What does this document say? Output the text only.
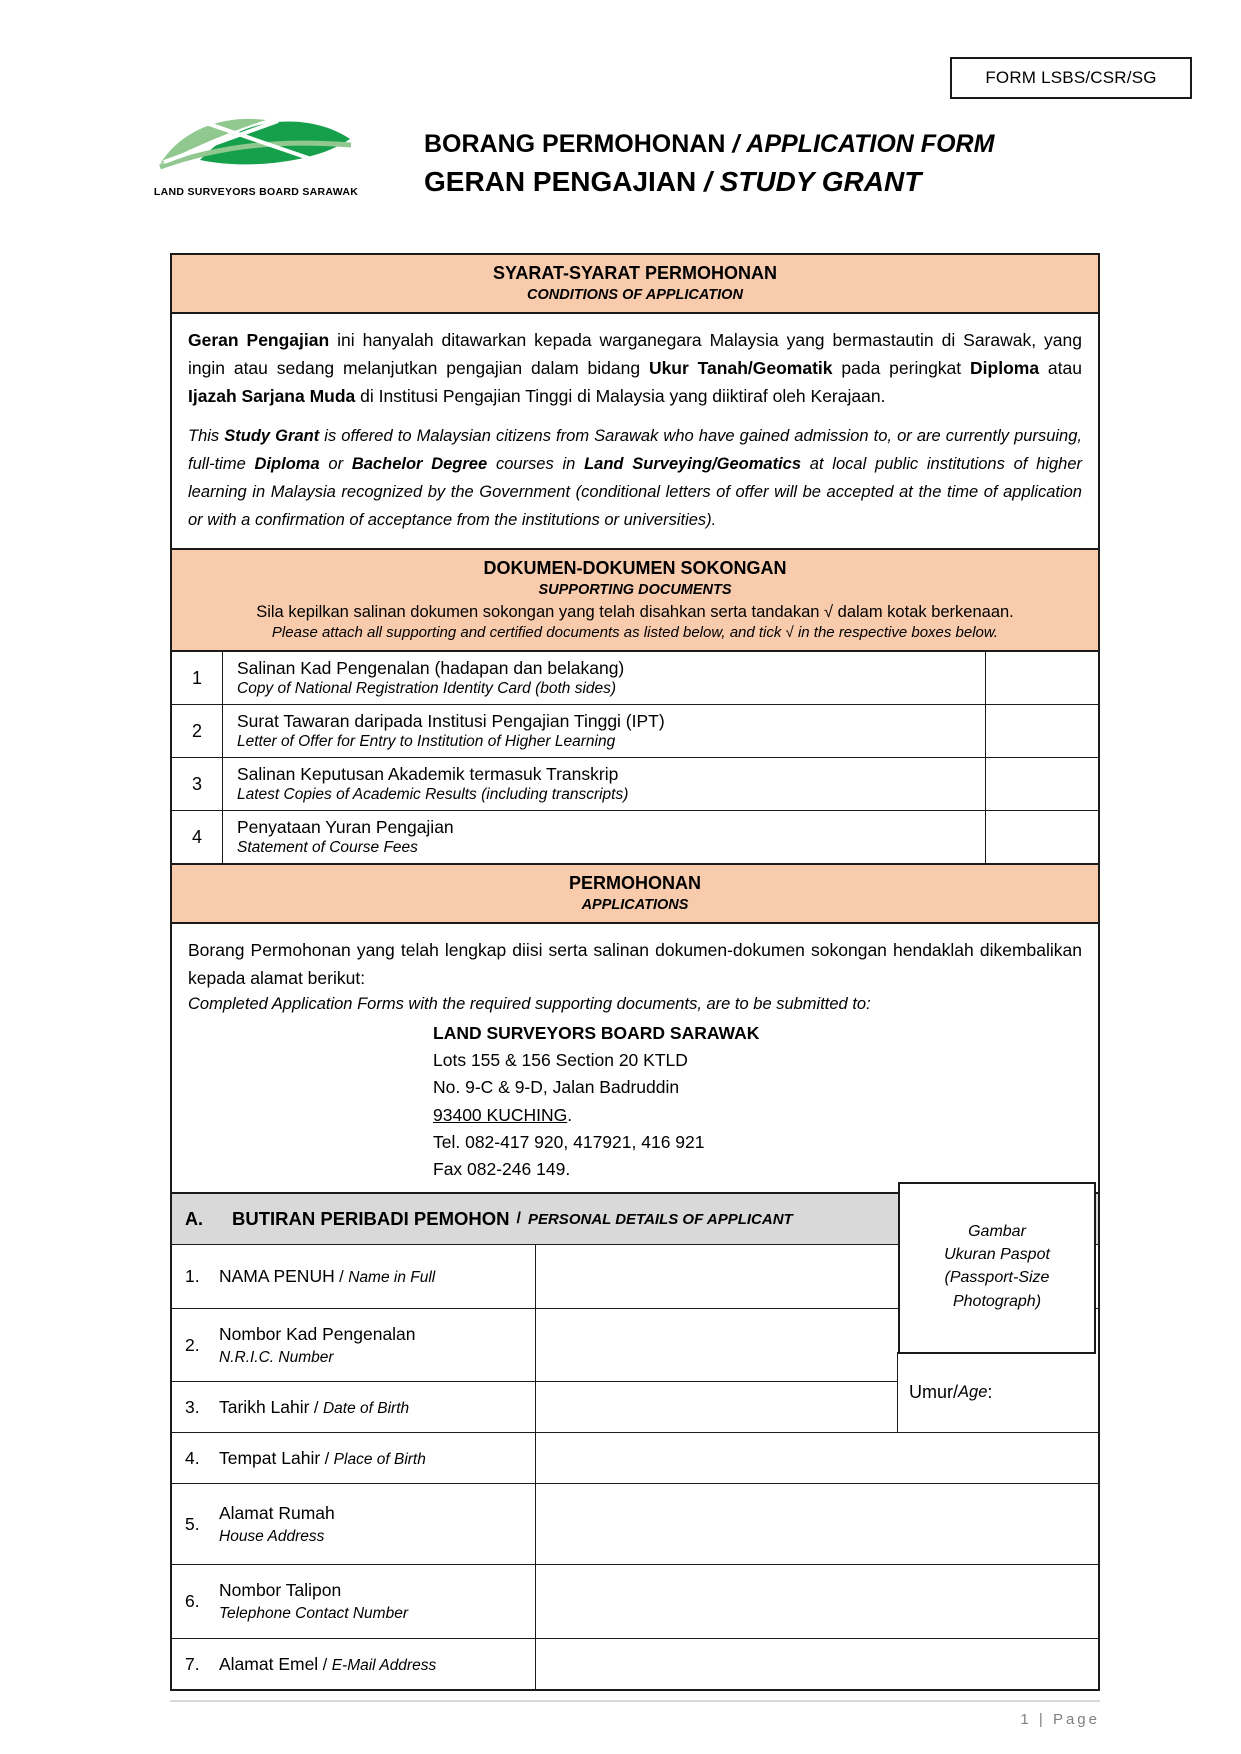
FORM LSBS/CSR/SG
LAND SURVEYORS BOARD SARAWAK
BORANG PERMOHONAN / APPLICATION FORM
GERAN PENGAJIAN / STUDY GRANT
SYARAT-SYARAT PERMOHONAN
CONDITIONS OF APPLICATION

Geran Pengajian ini hanyalah ditawarkan kepada warganegara Malaysia yang bermastautin di Sarawak, yang ingin atau sedang melanjutkan pengajian dalam bidang Ukur Tanah/Geomatik pada peringkat Diploma atau Ijazah Sarjana Muda di Institusi Pengajian Tinggi di Malaysia yang diiktiraf oleh Kerajaan.

This Study Grant is offered to Malaysian citizens from Sarawak who have gained admission to, or are currently pursuing, full-time Diploma or Bachelor Degree courses in Land Surveying/Geomatics at local public institutions of higher learning in Malaysia recognized by the Government (conditional letters of offer will be accepted at the time of application or with a confirmation of acceptance from the institutions or universities).

DOKUMEN-DOKUMEN SOKONGAN
SUPPORTING DOCUMENTS
Sila kepilkan salinan dokumen sokongan yang telah disahkan serta tandakan √ dalam kotak berkenaan.
Please attach all supporting and certified documents as listed below, and tick √ in the respective boxes below.
1	Salinan Kad Pengenalan (hadapan dan belakang)
Copy of National Registration Identity Card (both sides)
2	Surat Tawaran daripada Institusi Pengajian Tinggi (IPT)
Letter of Offer for Entry to Institution of Higher Learning
3	Salinan Keputusan Akademik termasuk Transkrip
Latest Copies of Academic Results (including transcripts)
4	Penyataan Yuran Pengajian
Statement of Course Fees
PERMOHONAN
APPLICATIONS

Borang Permohonan yang telah lengkap diisi serta salinan dokumen-dokumen sokongan hendaklah dikembalikan kepada alamat berikut:

Completed Application Forms with the required supporting documents, are to be submitted to:

LAND SURVEYORS BOARD SARAWAK
Lots 155 & 156 Section 20 KTLD
No. 9-C & 9-D, Jalan Badruddin
93400 KUCHING.
Tel. 082-417 920, 417921, 416 921
Fax 082-246 149.
A.	BUTIRAN PERIBADI PEMOHON / PERSONAL DETAILS OF APPLICANT
1.	NAMA PENUH / Name in Full
2.
Nombor Kad Pengenalan
N.R.I.C. Number
3.	Tarikh Lahir / Date of Birth
4.	Tempat Lahir / Place of Birth
5.
Alamat Rumah
House Address
6.
Nombor Talipon
Telephone Contact Number
7.	Alamat Emel / E-Mail Address
Gambar
Ukuran Paspot
(Passport-Size
Photograph)
Umur / Age :
1 | Page
